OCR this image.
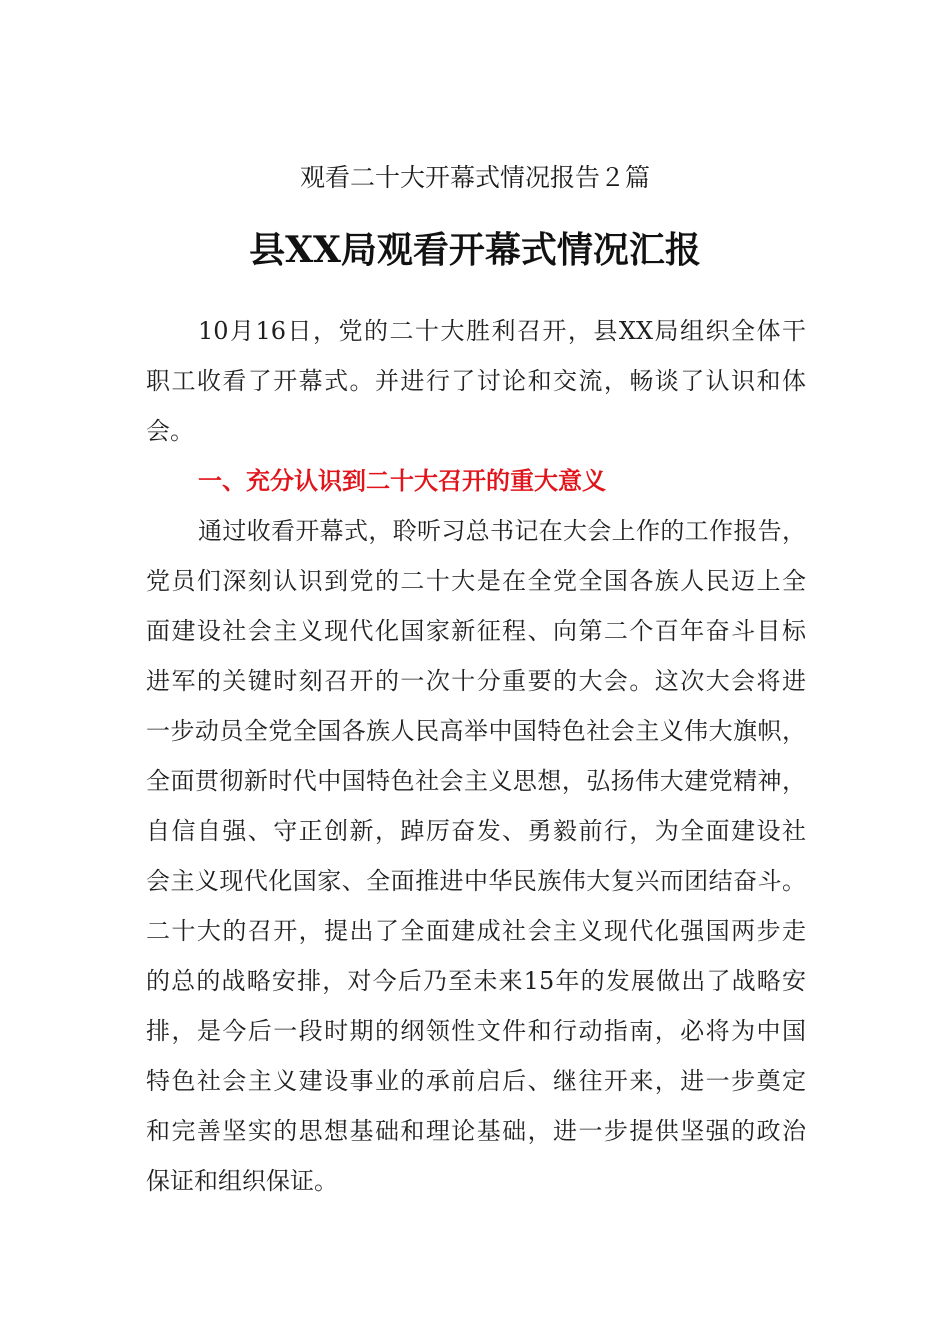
观看二十大开幕式情况报告２篇
县XX局观看开幕式情况汇报
10月16日，党的二十大胜利召开，县XX局组织全体干
职工收看了开幕式。并进行了讨论和交流，畅谈了认识和体
会。
一、充分认识到二十大召开的重大意义
通过收看开幕式，聆听习总书记在大会上作的工作报告，
党员们深刻认识到党的二十大是在全党全国各族人民迈上全
面建设社会主义现代化国家新征程、向第二个百年奋斗目标
进军的关键时刻召开的一次十分重要的大会。这次大会将进
一步动员全党全国各族人民高举中国特色社会主义伟大旗帜，
全面贯彻新时代中国特色社会主义思想，弘扬伟大建党精神，
自信自强、守正创新，踔厉奋发、勇毅前行，为全面建设社
会主义现代化国家、全面推进中华民族伟大复兴而团结奋斗。
二十大的召开，提出了全面建成社会主义现代化强国两步走
的总的战略安排，对今后乃至未来15年的发展做出了战略安
排，是今后一段时期的纲领性文件和行动指南，必将为中国
特色社会主义建设事业的承前启后、继往开来，进一步奠定
和完善坚实的思想基础和理论基础，进一步提供坚强的政治
保证和组织保证。
